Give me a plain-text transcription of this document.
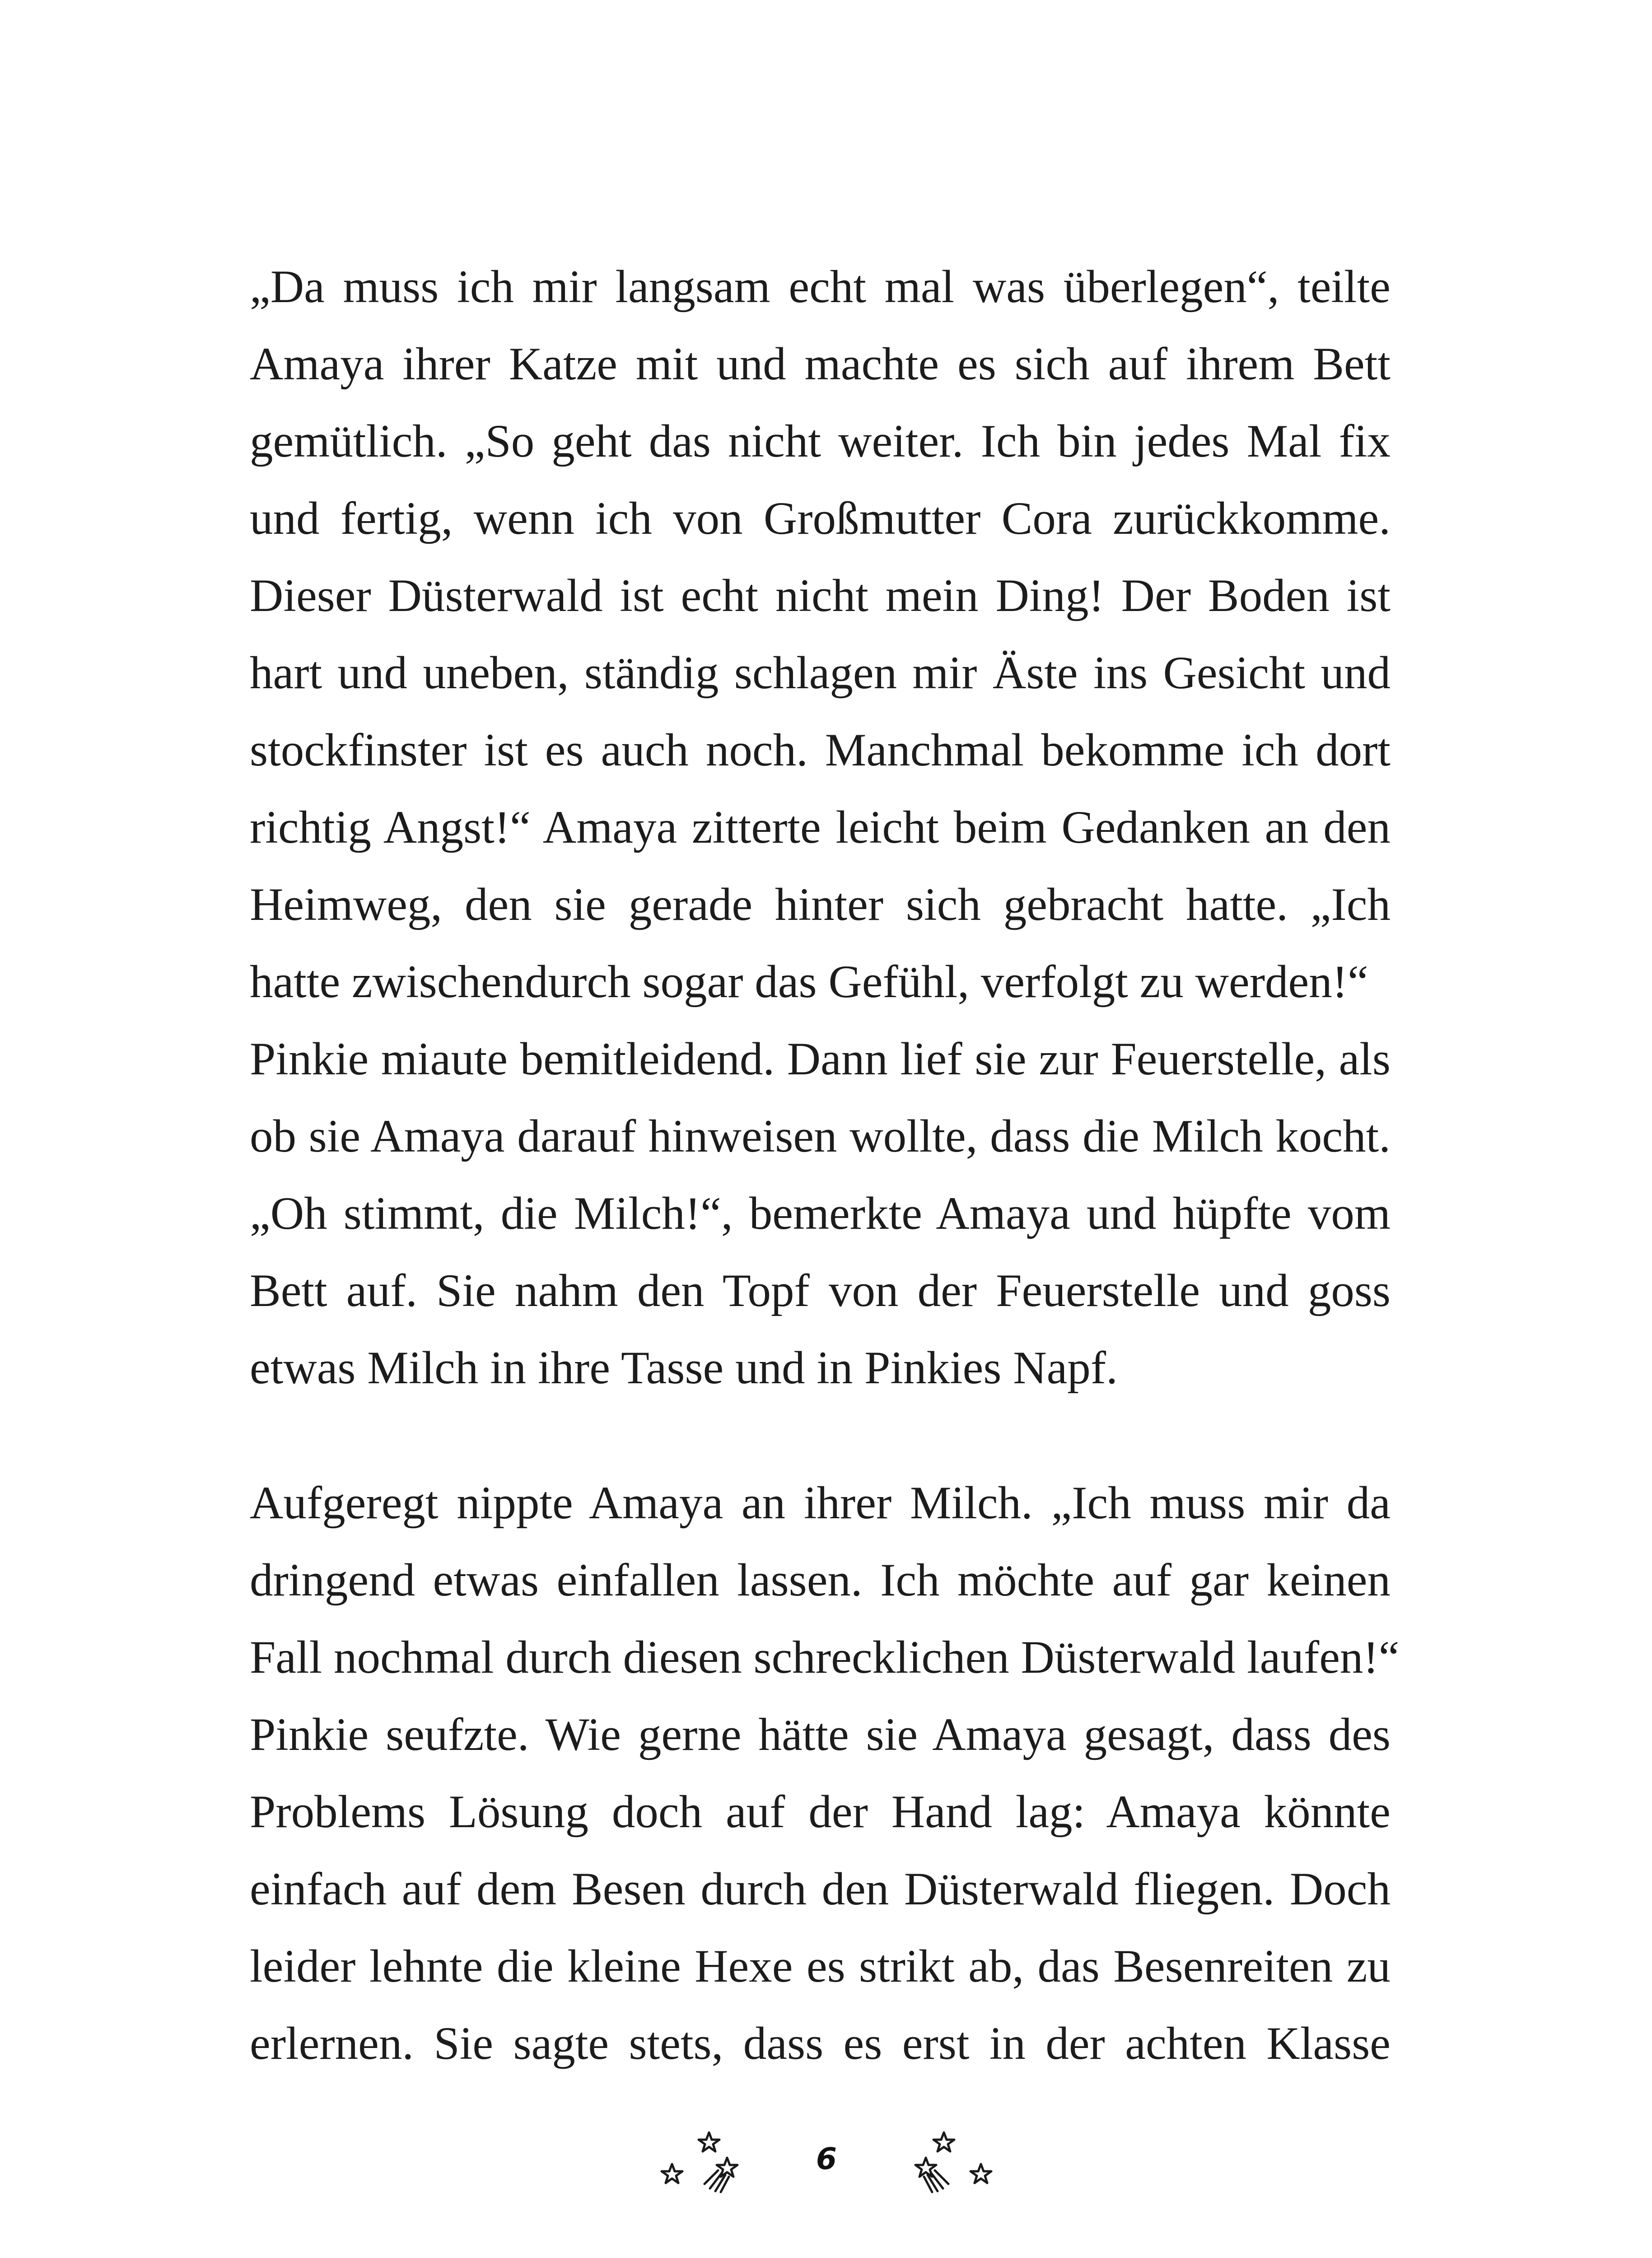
„Da muss ich mir langsam echt mal was überlegen“, teilte
Amaya ihrer Katze mit und machte es sich auf ihrem Bett
gemütlich. „So geht das nicht weiter. Ich bin jedes Mal fix
und fertig, wenn ich von Großmutter Cora zurückkomme.
Dieser Düsterwald ist echt nicht mein Ding! Der Boden ist
hart und uneben, ständig schlagen mir Äste ins Gesicht und
stockfinster ist es auch noch. Manchmal bekomme ich dort
richtig Angst!“ Amaya zitterte leicht beim Gedanken an den
Heimweg, den sie gerade hinter sich gebracht hatte. „Ich
hatte zwischendurch sogar das Gefühl, verfolgt zu werden!“
Pinkie miaute bemitleidend. Dann lief sie zur Feuerstelle, als
ob sie Amaya darauf hinweisen wollte, dass die Milch kocht.
„Oh stimmt, die Milch!“, bemerkte Amaya und hüpfte vom
Bett auf. Sie nahm den Topf von der Feuerstelle und goss
etwas Milch in ihre Tasse und in Pinkies Napf.
Aufgeregt nippte Amaya an ihrer Milch. „Ich muss mir da
dringend etwas einfallen lassen. Ich möchte auf gar keinen
Fall nochmal durch diesen schrecklichen Düsterwald laufen!“
Pinkie seufzte. Wie gerne hätte sie Amaya gesagt, dass des
Problems Lösung doch auf der Hand lag: Amaya könnte
einfach auf dem Besen durch den Düsterwald fliegen. Doch
leider lehnte die kleine Hexe es strikt ab, das Besenreiten zu
erlernen. Sie sagte stets, dass es erst in der achten Klasse
6
